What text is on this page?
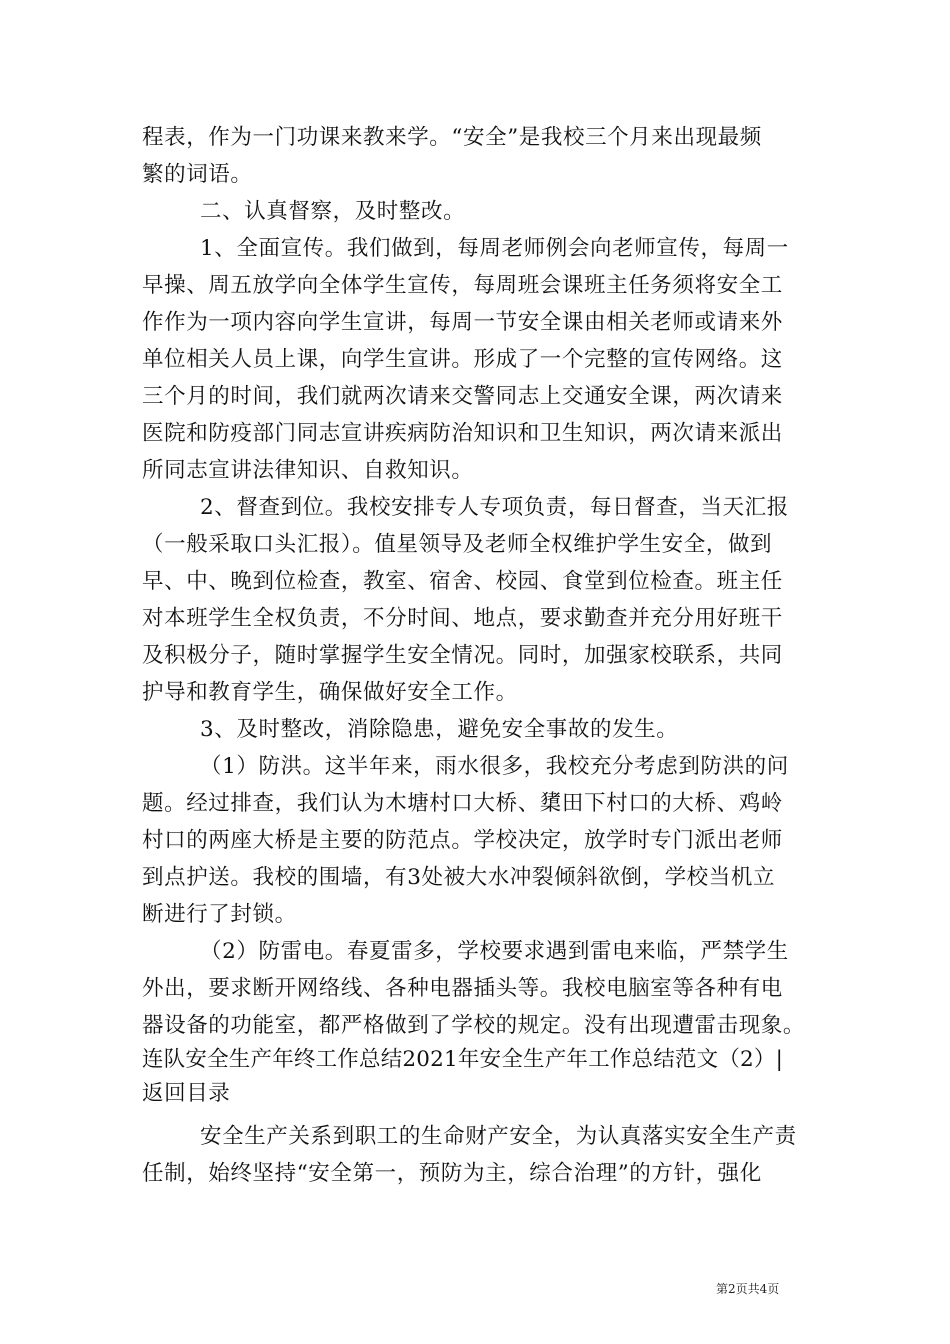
程表，作为一门功课来教来学。“安全”是我校三个月来出现最频
繁的词语。
二、认真督察，及时整改。
1、全面宣传。我们做到，每周老师例会向老师宣传，每周一
早操、周五放学向全体学生宣传，每周班会课班主任务须将安全工
作作为一项内容向学生宣讲，每周一节安全课由相关老师或请来外
单位相关人员上课，向学生宣讲。形成了一个完整的宣传网络。这
三个月的时间，我们就两次请来交警同志上交通安全课，两次请来
医院和防疫部门同志宣讲疾病防治知识和卫生知识，两次请来派出
所同志宣讲法律知识、自救知识。
2、督查到位。我校安排专人专项负责，每日督查，当天汇报
（一般采取口头汇报）。值星领导及老师全权维护学生安全，做到
早、中、晚到位检查，教室、宿舍、校园、食堂到位检查。班主任
对本班学生全权负责，不分时间、地点，要求勤查并充分用好班干
及积极分子，随时掌握学生安全情况。同时，加强家校联系，共同
护导和教育学生，确保做好安全工作。
3、及时整改，消除隐患，避免安全事故的发生。
（1）防洪。这半年来，雨水很多，我校充分考虑到防洪的问
题。经过排查，我们认为木塘村口大桥、橥田下村口的大桥、鸡岭
村口的两座大桥是主要的防范点。学校决定，放学时专门派出老师
到点护送。我校的围墙，有3处被大水冲裂倾斜欲倒，学校当机立
断进行了封锁。
（2）防雷电。春夏雷多，学校要求遇到雷电来临，严禁学生
外出，要求断开网络线、各种电器插头等。我校电脑室等各种有电
器设备的功能室，都严格做到了学校的规定。没有出现遭雷击现象。
连队安全生产年终工作总结2021年安全生产年工作总结范文（2）|
返回目录
安全生产关系到职工的生命财产安全，为认真落实安全生产责
任制，始终坚持“安全第一，预防为主，综合治理”的方针，强化
第2页共4页
